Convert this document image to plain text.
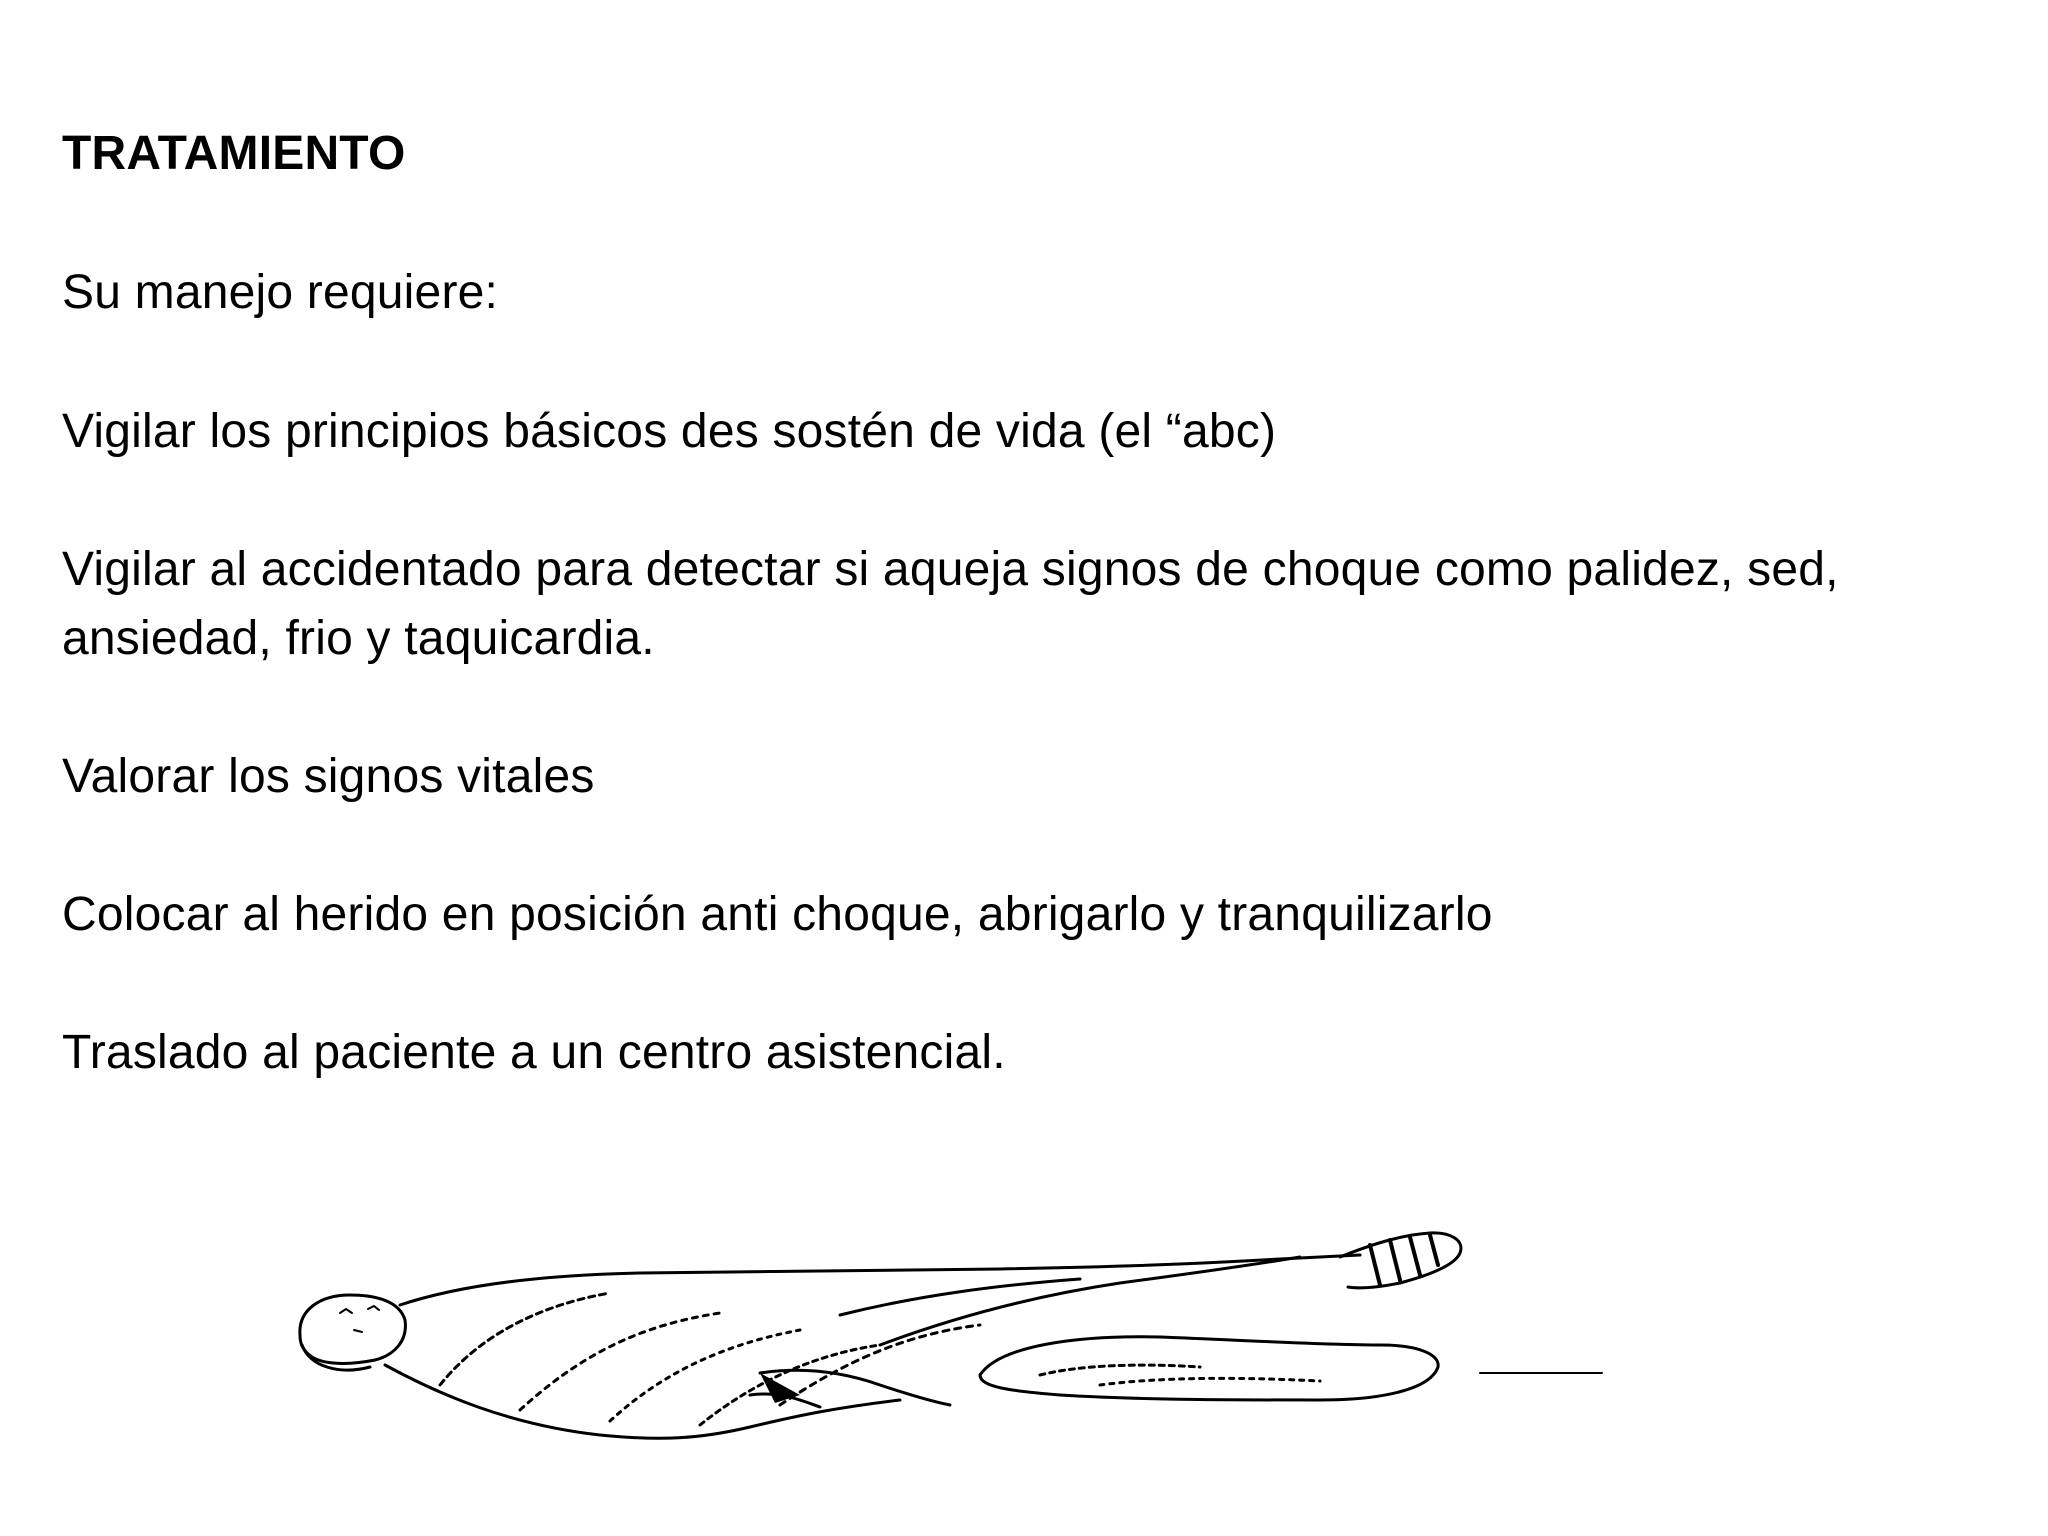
TRATAMIENTO

Su manejo requiere:

Vigilar los principios básicos des sostén de vida (el “abc)

Vigilar al accidentado para detectar si aqueja signos de choque como palidez, sed, ansiedad, frio y taquicardia.

Valorar los signos vitales

Colocar al herido en posición anti choque, abrigarlo y tranquilizarlo

Traslado al paciente a un centro asistencial.
